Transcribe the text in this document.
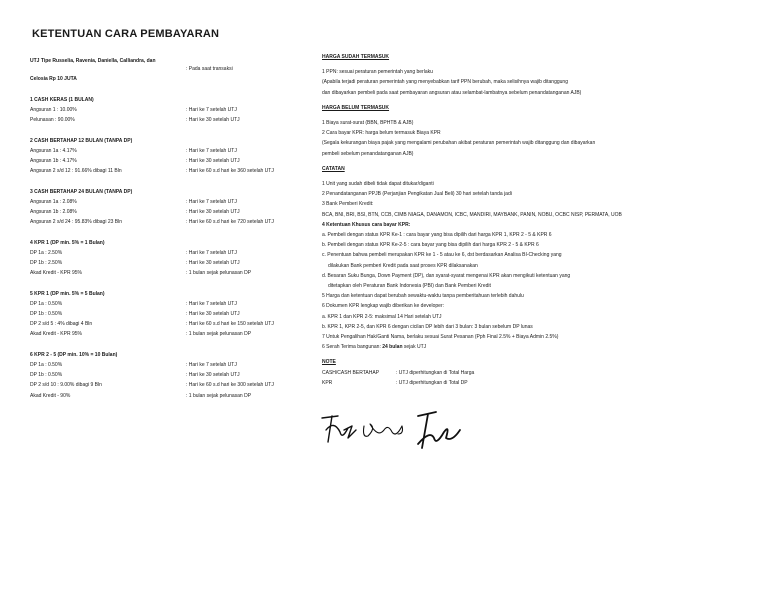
KETENTUAN CARA PEMBAYARAN
UTJ Tipe Russelia, Ravenia, Daniella, Calliandra, dan
: Pada saat transaksi
Celosia Rp 10 JUTA
1 CASH KERAS (1 BULAN)
Angsuran 1 : 10.00%	: Hari ke 7 setelah UTJ
Pelunasan : 90.00%	: Hari ke 30 setelah UTJ
2 CASH BERTAHAP 12 BULAN (TANPA DP)
Angsuran 1a : 4.17%	: Hari ke 7 setelah UTJ
Angsuran 1b : 4.17%	: Hari ke 30 setelah UTJ
Angsuran 2 s/d 12 : 91.66% dibagi 11 Bln	: Hari ke 60 s.d hari ke 360 setelah UTJ
3 CASH BERTAHAP 24 BULAN (TANPA DP)
Angsuran 1a : 2.08%	: Hari ke 7 setelah UTJ
Angsuran 1b : 2.08%	: Hari ke 30 setelah UTJ
Angsuran 2 s/d 24 : 95.83% dibagi 23 Bln	: Hari ke 60 s.d hari ke 720 setelah UTJ
4 KPR 1 (DP min. 5% = 1 Bulan)
DP 1a : 2.50%	: Hari ke 7 setelah UTJ
DP 1b : 2.50%	: Hari ke 30 setelah UTJ
Akad Kredit - KPR 95%	: 1 bulan sejak pelunasan DP
5 KPR 1 (DP min. 5% = 5 Bulan)
DP 1a : 0.50%	: Hari ke 7 setelah UTJ
DP 1b : 0.50%	: Hari ke 30 setelah UTJ
DP 2 s/d 5 : 4% dibagi 4 Bln	: Hari ke 60 s.d hari ke 150 setelah UTJ
Akad Kredit - KPR 95%	: 1 bulan sejak pelunasan DP
6 KPR 2 - 5 (DP min. 10% = 10 Bulan)
DP 1a : 0.50%	: Hari ke 7 setelah UTJ
DP 1b : 0.50%	: Hari ke 30 setelah UTJ
DP 2 s/d 10 : 9.00% dibagi 9 Bln	: Hari ke 60 s.d hari ke 300 setelah UTJ
Akad Kredit - 90%	: 1 bulan sejak pelunasan DP
HARGA SUDAH TERMASUK
1 PPN: sesuai peraturan pemerintah yang berlaku
(Apabila terjadi peraturan pemerintah yang menyebabkan tarif PPN berubah, maka selisihnya wajib ditanggung
dan dibayarkan pembeli pada saat pembayaran angsuran atau selambat-lambatnya sebelum penandatanganan AJB)
HARGA BELUM TERMASUK
1 Biaya surat-surat (BBN, BPHTB & AJB)
2 Cara bayar KPR: harga belum termasuk Biaya KPR
(Segala kekurangan biaya pajak yang mengalami perubahan akibat peraturan pemerintah wajib ditanggung dan dibayarkan
pembeli sebelum penandatanganan AJB)
CATATAN
1 Unit yang sudah dibeli tidak dapat ditukar/diganti
2 Penandatanganan PPJB (Perjanjian Pengikatan Jual Beli) 30 hari setelah tanda jadi
3 Bank Pemberi Kredit:
BCA, BNI, BRI, BSI, BTN, CCB, CIMB NIAGA, DANAMON, ICBC, MANDIRI, MAYBANK, PANIN, NOBU, OCBC NISP, PERMATA, UOB
4 Ketentuan Khusus cara bayar KPR:
a. Pembeli dengan status KPR Ke-1 : cara bayar yang bisa dipilih dari harga KPR 1, KPR 2 - 5 & KPR 6
b. Pembeli dengan status KPR Ke-2-5 : cara bayar yang bisa dipilih dari harga KPR 2 - 5 & KPR 6
c. Penentuan bahwa pembeli merupakan KPR ke 1 - 5 atau ke 6, dst berdasarkan Analisa BI-Checking yang
dilakukan Bank pemberi Kredit pada saat proses KPR dilaksanakan
d. Besaran Suku Bunga, Down Payment (DP), dan syarat-syarat mengenai KPR akan mengikuti ketentuan yang
ditetapkan oleh Peraturan Bank Indonesia (PBI) dan Bank Pemberi Kredit
5 Harga dan ketentuan dapat berubah sewaktu-waktu tanpa pemberitahuan terlebih dahulu
6 Dokumen KPR lengkap wajib diberikan ke developer:
a. KPR 1 dan KPR 2-5: maksimal 14 Hari setelah UTJ
b. KPR 1, KPR 2-5, dan KPR 6 dengan cicilan DP lebih dari 3 bulan: 3 bulan sebelum DP lunas
7 Untuk Pengalihan Hak/Ganti Nama, berlaku sesuai Surat Pesanan (Pph Final 2.5% + Biaya Admin 2.5%)
6 Serah Terima bangunan: 24 bulan sejak UTJ
NOTE
CASH/CASH BERTAHAP	: UTJ diperhitungkan di Total Harga
KPR	: UTJ diperhitungkan di Total DP
